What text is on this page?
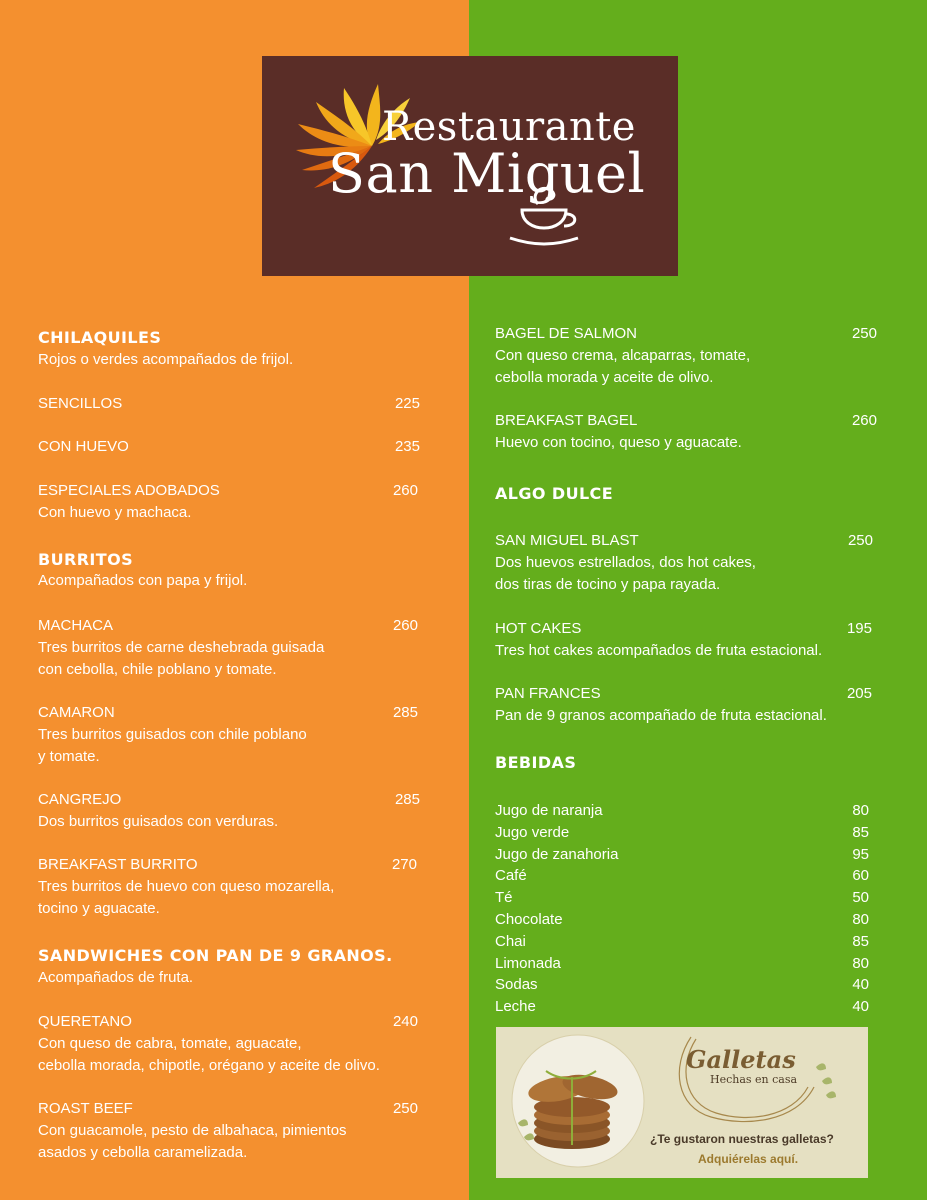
Restaurante
San Miguel
CHILAQUILES
Rojos o verdes acompañados de frijol.
SENCILLOS	225
CON HUEVO	235
ESPECIALES ADOBADOS	260
Con huevo y machaca.
BURRITOS
Acompañados con papa y frijol.
MACHACA	260
Tres burritos de carne deshebrada guisada
con cebolla, chile poblano y tomate.
CAMARON	285
Tres burritos guisados con chile poblano
y tomate.
CANGREJO	285
Dos burritos guisados con verduras.
BREAKFAST BURRITO	270
Tres burritos de huevo con queso mozarella,
tocino y aguacate.
SANDWICHES CON PAN DE 9 GRANOS.
Acompañados de fruta.
QUERETANO	240
Con queso de cabra, tomate, aguacate,
cebolla morada, chipotle, orégano y aceite de olivo.
ROAST BEEF	250
Con guacamole, pesto de albahaca, pimientos
asados y cebolla caramelizada.
BAGEL DE SALMON	250
Con queso crema, alcaparras, tomate,
cebolla morada y aceite de olivo.
BREAKFAST BAGEL	260
Huevo con tocino, queso y aguacate.
ALGO DULCE
SAN MIGUEL BLAST	250
Dos huevos estrellados, dos hot cakes,
dos tiras de tocino y papa rayada.
HOT CAKES	195
Tres hot cakes acompañados de fruta estacional.
PAN FRANCES	205
Pan de 9 granos acompañado de fruta estacional.
BEBIDAS
Galletas
Hechas en casa
¿Te gustaron nuestras galletas?
Adquiérelas aquí.
Jugo de naranja	80
Jugo verde	85
Jugo de zanahoria	95
Café	60
Té	50
Chocolate	80
Chai	85
Limonada	80
Sodas	40
Leche	40
